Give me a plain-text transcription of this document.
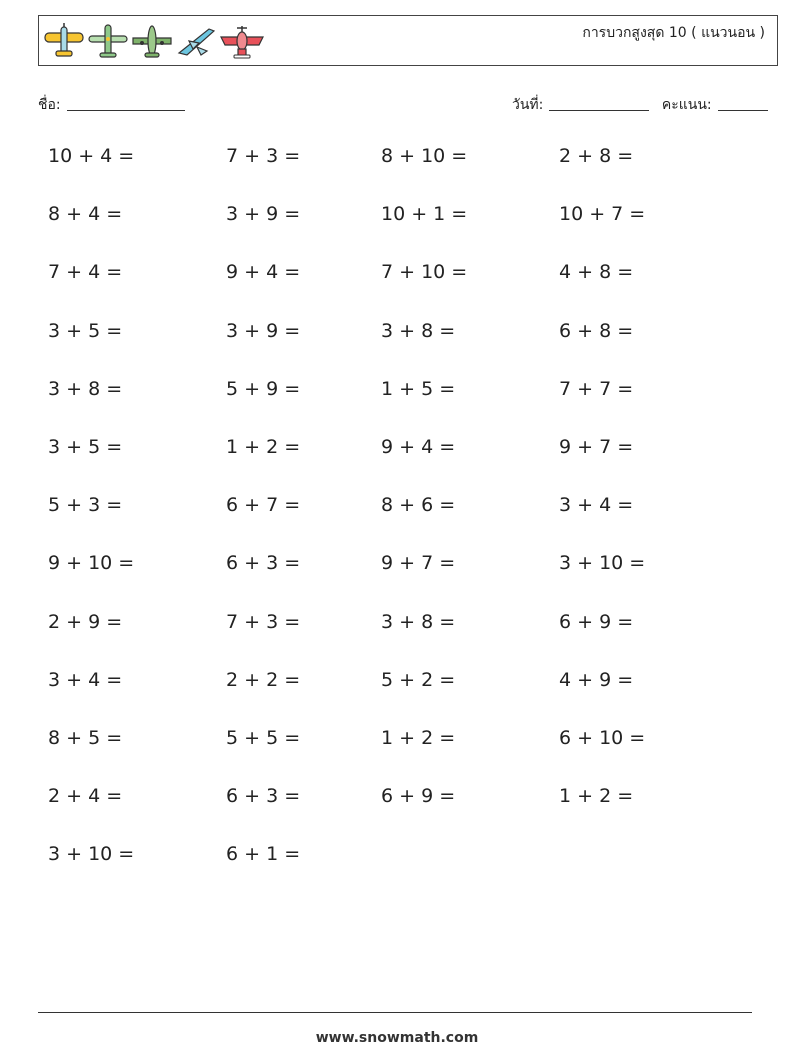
การบวกสูงสุด 10 ( แนวนอน )
ชื่อ:	วันที่:	คะแนน:
10 + 4 =	7 + 3 =	8 + 10 =	2 + 8 =
8 + 4 =	3 + 9 =	10 + 1 =	10 + 7 =
7 + 4 =	9 + 4 =	7 + 10 =	4 + 8 =
3 + 5 =	3 + 9 =	3 + 8 =	6 + 8 =
3 + 8 =	5 + 9 =	1 + 5 =	7 + 7 =
3 + 5 =	1 + 2 =	9 + 4 =	9 + 7 =
5 + 3 =	6 + 7 =	8 + 6 =	3 + 4 =
9 + 10 =	6 + 3 =	9 + 7 =	3 + 10 =
2 + 9 =	7 + 3 =	3 + 8 =	6 + 9 =
3 + 4 =	2 + 2 =	5 + 2 =	4 + 9 =
8 + 5 =	5 + 5 =	1 + 2 =	6 + 10 =
2 + 4 =	6 + 3 =	6 + 9 =	1 + 2 =
3 + 10 =	6 + 1 =
www.snowmath.com
